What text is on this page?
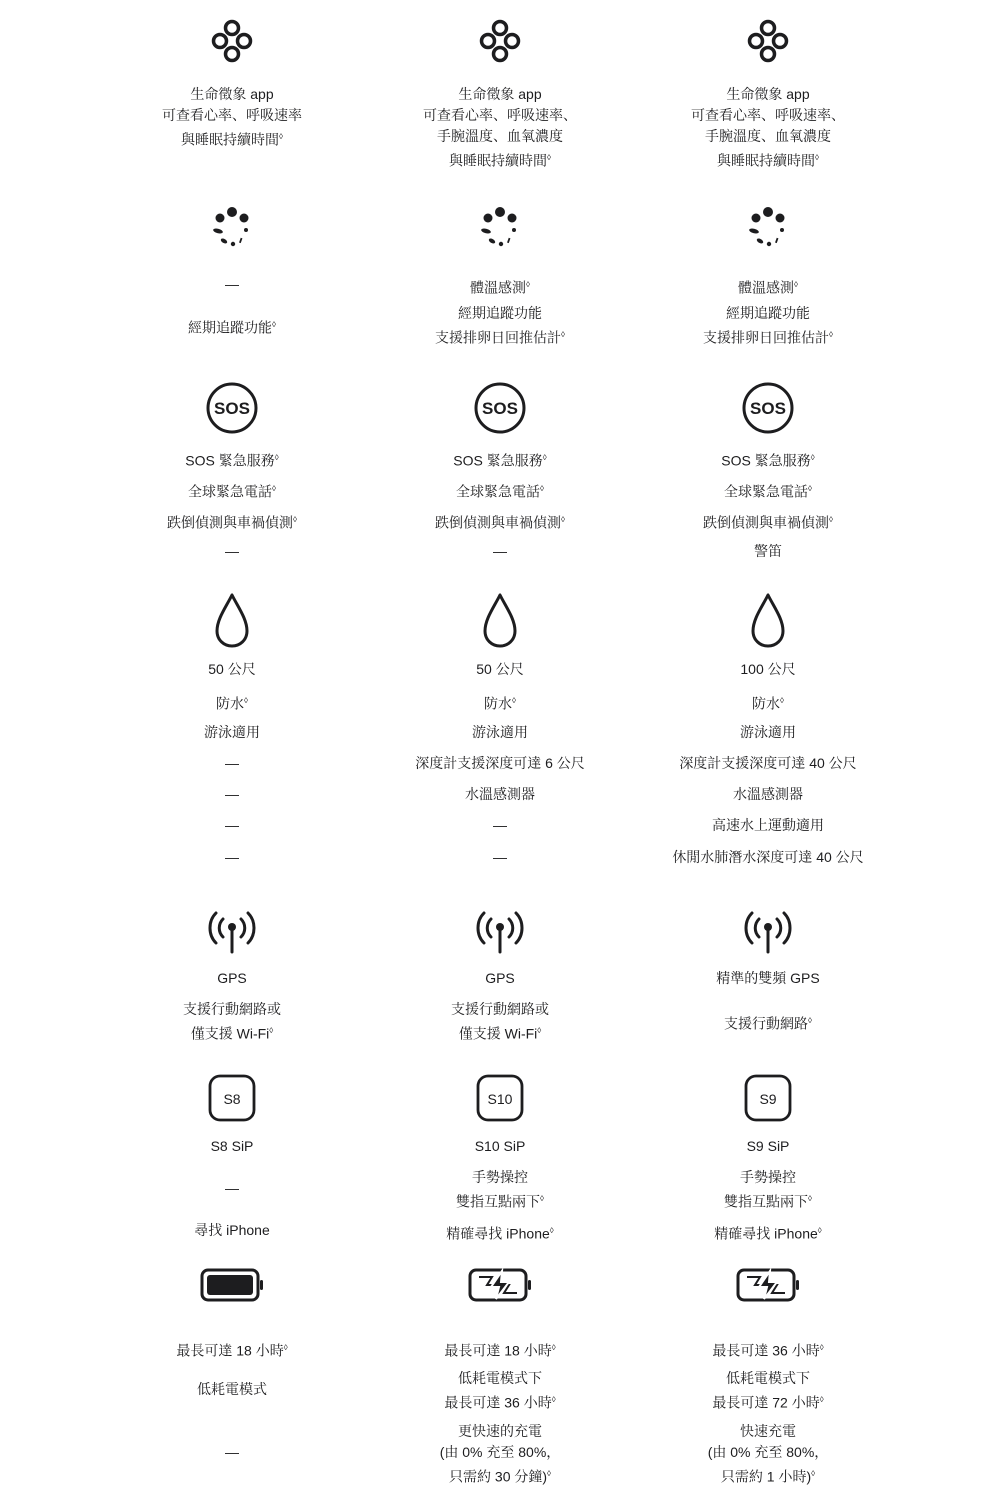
生命徵象 app
可查看心率、呼吸速率
與睡眠持續時間◊
—
經期追蹤功能◊
SOS
SOS 緊急服務◊
全球緊急電話◊
跌倒偵測與車禍偵測◊
—
50 公尺
防水◊
游泳適用
—
—
—
—
GPS
支援行動網路或
僅支援 Wi‑Fi◊
S8
S8 SiP
—
尋找 iPhone
最長可達 18 小時◊
低耗電模式
—
生命徵象 app
可查看心率、呼吸速率、
手腕溫度、血氧濃度
與睡眠持續時間◊
體溫感測◊
經期追蹤功能
支援排卵日回推估計◊
SOS
SOS 緊急服務◊
全球緊急電話◊
跌倒偵測與車禍偵測◊
—
50 公尺
防水◊
游泳適用
深度計支援深度可達 6 公尺
水溫感測器
—
—
GPS
支援行動網路或
僅支援 Wi‑Fi◊
S10
S10 SiP
手勢操控
雙指互點兩下◊
精確尋找 iPhone◊
最長可達 18 小時◊
低耗電模式下
最長可達 36 小時◊
更快速的充電
(由 0% 充至 80%，
只需約 30 分鐘)◊
生命徵象 app
可查看心率、呼吸速率、
手腕溫度、血氧濃度
與睡眠持續時間◊
體溫感測◊
經期追蹤功能
支援排卵日回推估計◊
SOS
SOS 緊急服務◊
全球緊急電話◊
跌倒偵測與車禍偵測◊
警笛
100 公尺
防水◊
游泳適用
深度計支援深度可達 40 公尺
水溫感測器
高速水上運動適用
休閒水肺潛水深度可達 40 公尺
精準的雙頻 GPS
支援行動網路◊
S9
S9 SiP
手勢操控
雙指互點兩下◊
精確尋找 iPhone◊
最長可達 36 小時◊
低耗電模式下
最長可達 72 小時◊
快速充電
(由 0% 充至 80%，
只需約 1 小時)◊
